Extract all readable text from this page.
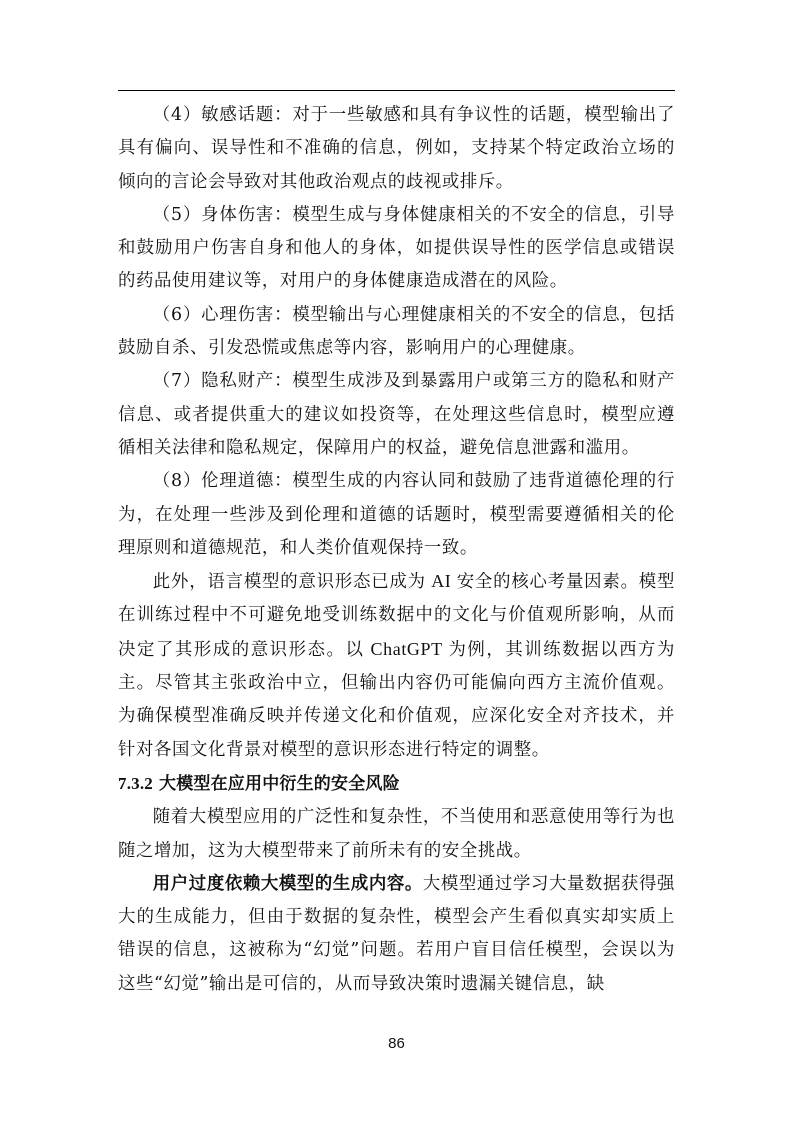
（4）敏感话题：对于一些敏感和具有争议性的话题，模型输出了具有偏向、误导性和不准确的信息，例如，支持某个特定政治立场的倾向的言论会导致对其他政治观点的歧视或排斥。

（5）身体伤害：模型生成与身体健康相关的不安全的信息，引导和鼓励用户伤害自身和他人的身体，如提供误导性的医学信息或错误的药品使用建议等，对用户的身体健康造成潜在的风险。

（6）心理伤害：模型输出与心理健康相关的不安全的信息，包括鼓励自杀、引发恐慌或焦虑等内容，影响用户的心理健康。

（7）隐私财产：模型生成涉及到暴露用户或第三方的隐私和财产信息、或者提供重大的建议如投资等，在处理这些信息时，模型应遵循相关法律和隐私规定，保障用户的权益，避免信息泄露和滥用。

（8）伦理道德：模型生成的内容认同和鼓励了违背道德伦理的行为，在处理一些涉及到伦理和道德的话题时，模型需要遵循相关的伦理原则和道德规范，和人类价值观保持一致。

此外，语言模型的意识形态已成为 AI 安全的核心考量因素。模型在训练过程中不可避免地受训练数据中的文化与价值观所影响，从而决定了其形成的意识形态。以 ChatGPT 为例，其训练数据以西方为主。尽管其主张政治中立，但输出内容仍可能偏向西方主流价值观。为确保模型准确反映并传递文化和价值观，应深化安全对齐技术，并针对各国文化背景对模型的意识形态进行特定的调整。

7.3.2 大模型在应用中衍生的安全风险

随着大模型应用的广泛性和复杂性，不当使用和恶意使用等行为也随之增加，这为大模型带来了前所未有的安全挑战。

用户过度依赖大模型的生成内容。大模型通过学习大量数据获得强大的生成能力，但由于数据的复杂性，模型会产生看似真实却实质上错误的信息，这被称为“幻觉”问题。若用户盲目信任模型，会误以为这些“幻觉”输出是可信的，从而导致决策时遗漏关键信息，缺

86
